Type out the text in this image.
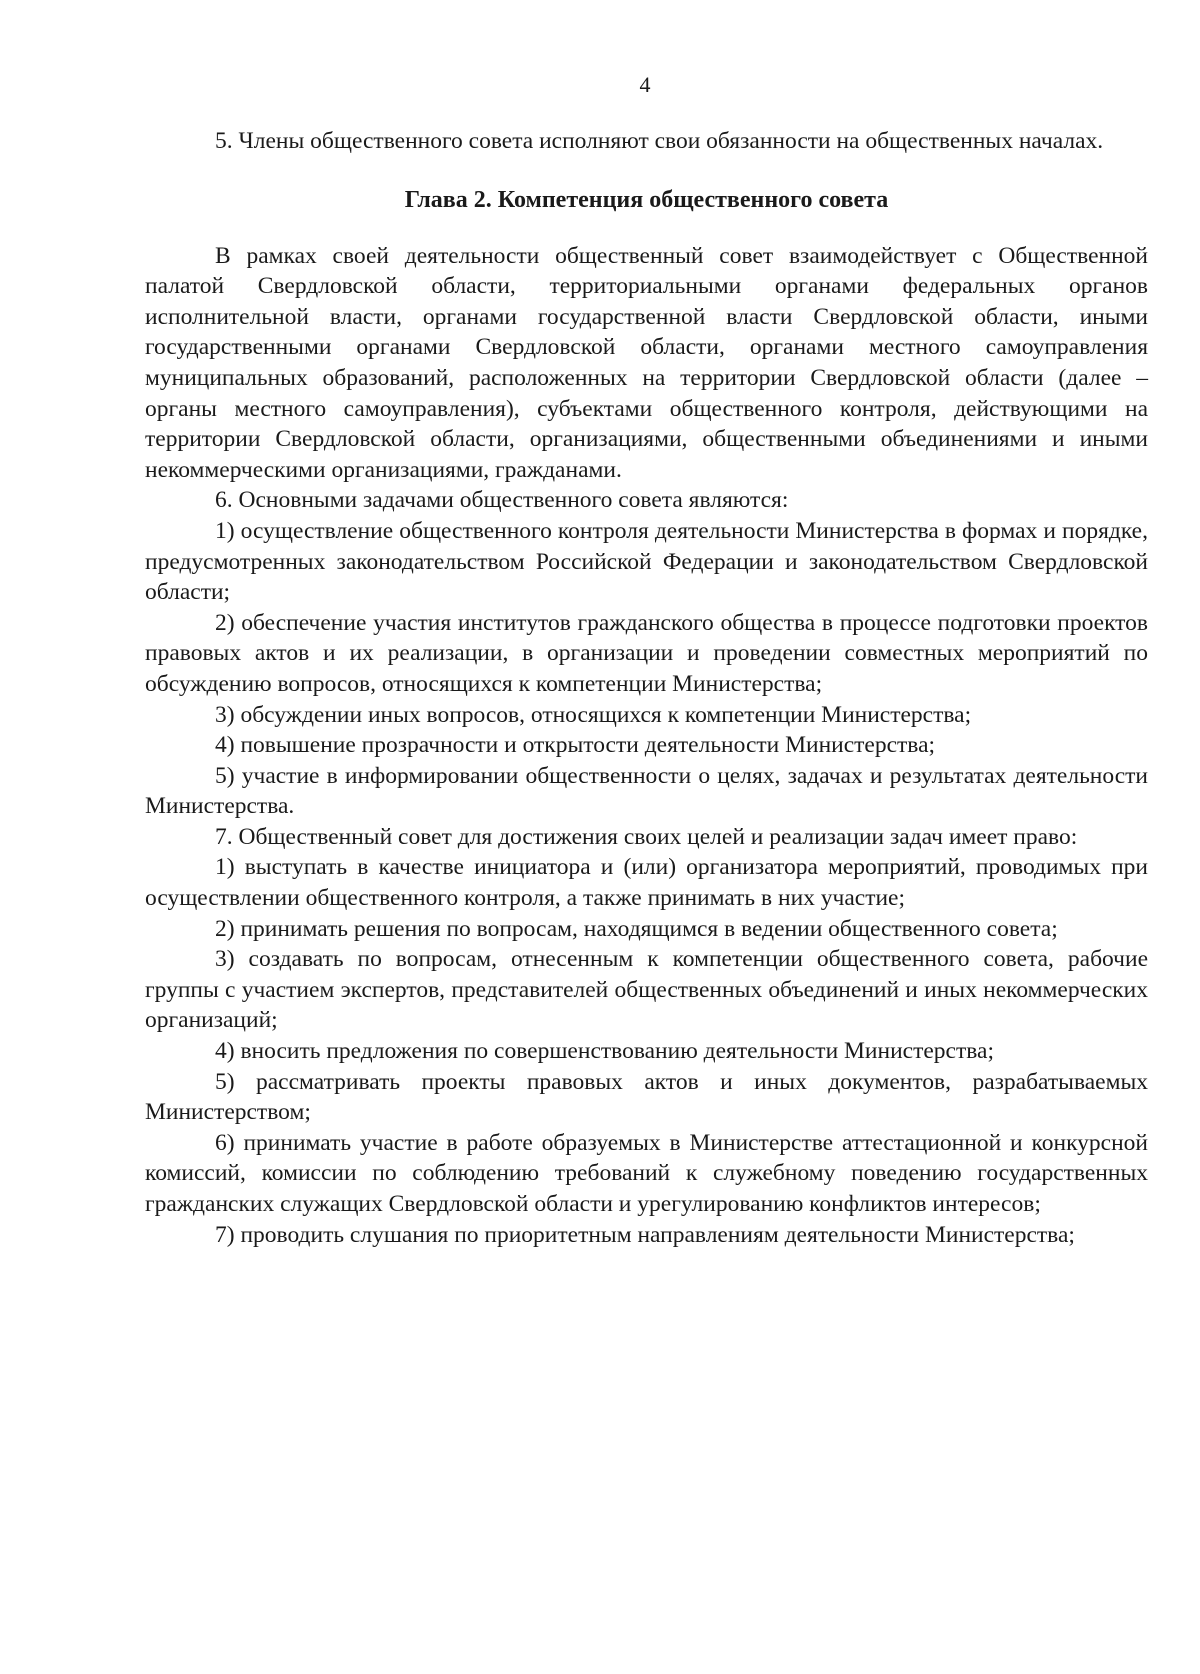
4

5. Члены общественного совета исполняют свои обязанности на общественных началах.

Глава 2. Компетенция общественного совета

В рамках своей деятельности общественный совет взаимодействует с Общественной палатой Свердловской области, территориальными органами федеральных органов исполнительной власти, органами государственной власти Свердловской области, иными государственными органами Свердловской области, органами местного самоуправления муниципальных образований, расположенных на территории Свердловской области (далее – органы местного самоуправления), субъектами общественного контроля, действующими на территории Свердловской области, организациями, общественными объединениями и иными некоммерческими организациями, гражданами.

6. Основными задачами общественного совета являются:

1) осуществление общественного контроля деятельности Министерства в формах и порядке, предусмотренных законодательством Российской Федерации и законодательством Свердловской области;

2) обеспечение участия институтов гражданского общества в процессе подготовки проектов правовых актов и их реализации, в организации и проведении совместных мероприятий по обсуждению вопросов, относящихся к компетенции Министерства;

3) обсуждении иных вопросов, относящихся к компетенции Министерства;

4) повышение прозрачности и открытости деятельности Министерства;

5) участие в информировании общественности о целях, задачах и результатах деятельности Министерства.

7. Общественный совет для достижения своих целей и реализации задач имеет право:

1) выступать в качестве инициатора и (или) организатора мероприятий, проводимых при осуществлении общественного контроля, а также принимать в них участие;

2) принимать решения по вопросам, находящимся в ведении общественного совета;

3) создавать по вопросам, отнесенным к компетенции общественного совета, рабочие группы с участием экспертов, представителей общественных объединений и иных некоммерческих организаций;

4) вносить предложения по совершенствованию деятельности Министерства;

5) рассматривать проекты правовых актов и иных документов, разрабатываемых Министерством;

6) принимать участие в работе образуемых в Министерстве аттестационной и конкурсной комиссий, комиссии по соблюдению требований к служебному поведению государственных гражданских служащих Свердловской области и урегулированию конфликтов интересов;

7) проводить слушания по приоритетным направлениям деятельности Министерства;
